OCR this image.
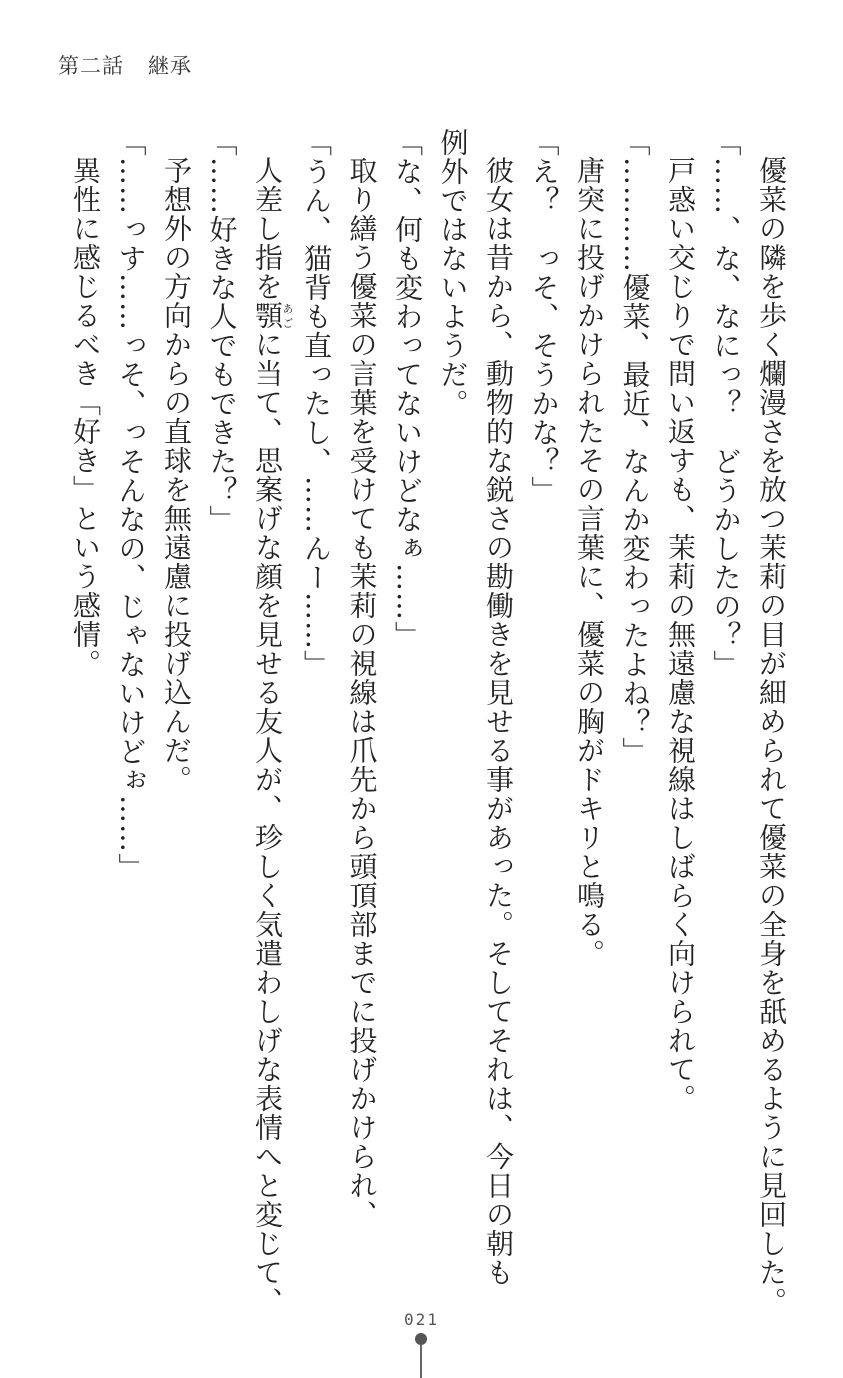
第二話 継承

優菜の隣を歩く爛漫さを放つ茉莉の目が細められて優菜の全身を舐めるように見回した。

「……、な、なにっ？　どうかしたの？」

戸惑い交じりで問い返すも、茉莉の無遠慮な視線はしばらく向けられて。

「…………優菜、最近、なんか変わったよね？」

唐突に投げかけられたその言葉に、優菜の胸がドキリと鳴る。

「え？　っそ、そうかな？」

彼女は昔から、動物的な鋭さの勘働きを見せる事があった。そしてそれは、今日の朝も

例外ではないようだ。

「な、何も変わってないけどなぁ……」

取り繕う優菜の言葉を受けても茉莉の視線は爪先から頭頂部までに投げかけられ、

「うん、猫背も直ったし、……んー……」

人差し指を顎あごに当て、思案げな顔を見せる友人が、珍しく気遣わしげな表情へと変じて、

「……好きな人でもできた？」

予想外の方向からの直球を無遠慮に投げ込んだ。

「……っす……っそ、っそんなの、じゃないけどぉ……」

異性に感じるべき「好き」という感情。

021
